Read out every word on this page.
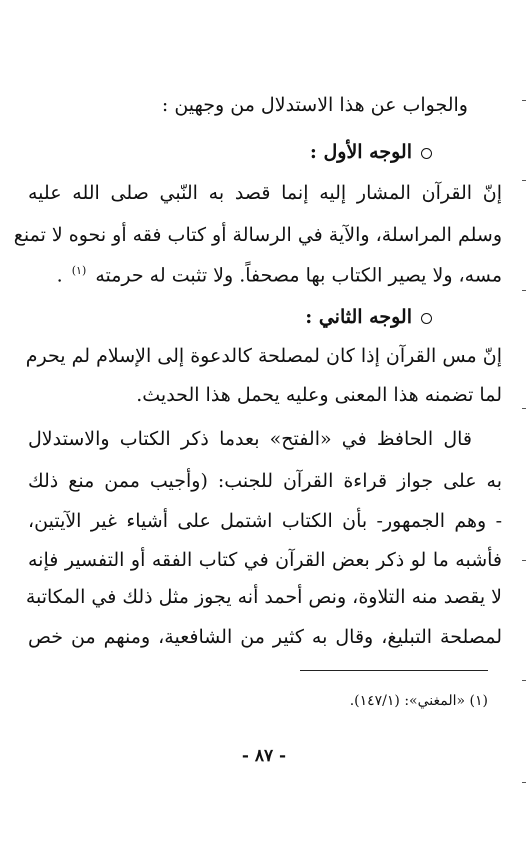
والجواب عن هذا الاستدلال من وجهين :
الوجه الأول :
إنّ القرآن المشار إليه إنما قصد به النّبي صلى الله عليه
وسلم المراسلة، والآية في الرسالة أو كتاب فقه أو نحوه لا تمنع
مسه، ولا يصير الكتاب بها مصحفاً. ولا تثبت له حرمته $^{(١)}$ .
الوجه الثاني :
إنّ مس القرآن إذا كان لمصلحة كالدعوة إلى الإسلام لم يحرم
لما تضمنه هذا المعنى وعليه يحمل هذا الحديث.
قال الحافظ في «الفتح» بعدما ذكر الكتاب والاستدلال
به على جواز قراءة القرآن للجنب: (وأجيب ممن منع ذلك
- وهم الجمهور- بأن الكتاب اشتمل على أشياء غير الآيتين،
فأشبه ما لو ذكر بعض القرآن في كتاب الفقه أو التفسير فإنه
لا يقصد منه التلاوة، ونص أحمد أنه يجوز مثل ذلك في المكاتبة
لمصلحة التبليغ، وقال به كثير من الشافعية، ومنهم من خص
(١) «المغني»: (١٤٧/١).
- ٨٧ -
